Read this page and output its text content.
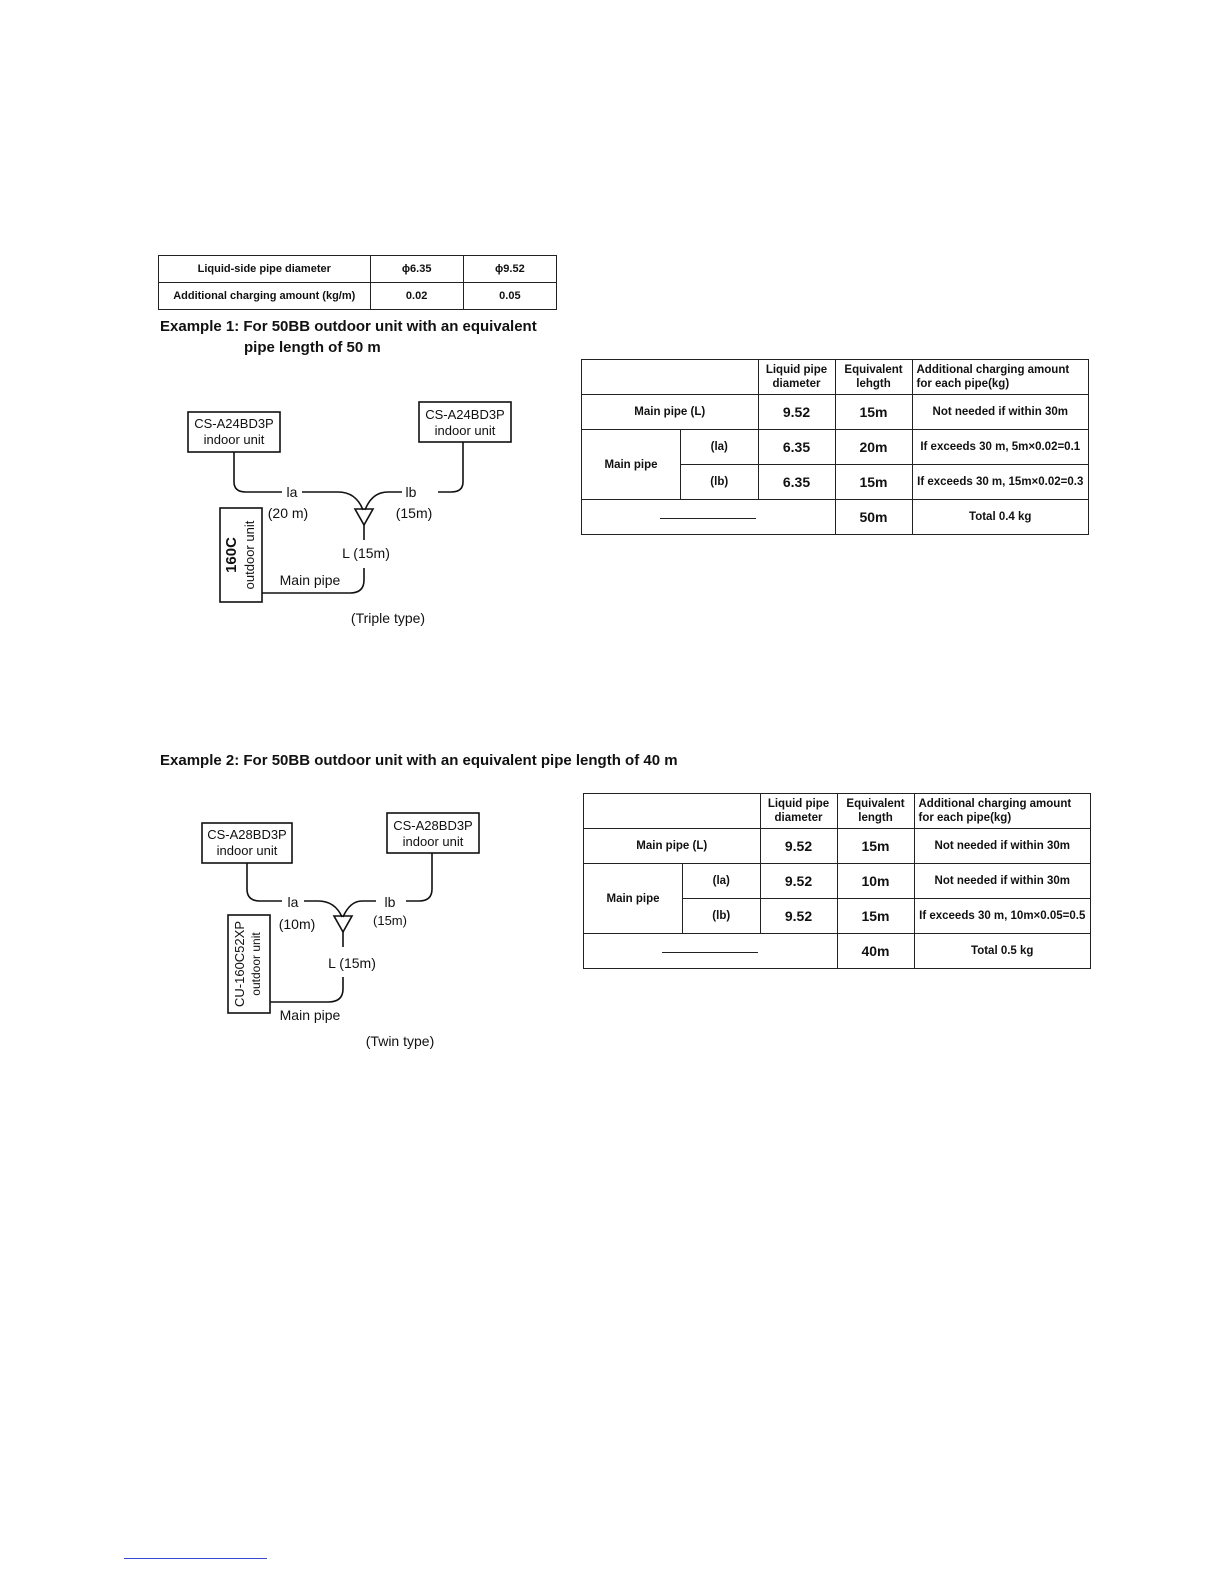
Liquid-side pipe diameter	ϕ6.35	ϕ9.52
Additional charging amount (kg/m)	0.02	0.05
Example 1: For 50BB outdoor unit with an equivalent
pipe length of 50 m
CS-A24BD3P
indoor unit
CS-A24BD3P
indoor unit
160C outdoor unit
la	lb
(20 m)	(15m)
L (15m)
Main pipe
(Triple type)
		Liquid pipe diameter	Equivalent lehgth	Additional charging amount for each pipe(kg)
Main pipe (L)		9.52	15m	Not needed if within 30m
Main pipe	(la)	6.35	20m	If exceeds 30 m, 5m×0.02=0.1
	(lb)	6.35	15m	If exceeds 30 m, 15m×0.02=0.3
			50m	Total 0.4 kg
Example 2: For 50BB outdoor unit with an equivalent pipe length of 40 m
CS-A28BD3P
indoor unit
CS-A28BD3P
indoor unit
CU-160C52XP outdoor unit
la	lb
(10m)	(15m)
L (15m)
Main pipe
(Twin type)
		Liquid pipe diameter	Equivalent length	Additional charging amount for each pipe(kg)
Main pipe (L)		9.52	15m	Not needed if within 30m
Main pipe	(la)	9.52	10m	Not needed if within 30m
	(lb)	9.52	15m	If exceeds 30 m, 10m×0.05=0.5
			40m	Total 0.5 kg
